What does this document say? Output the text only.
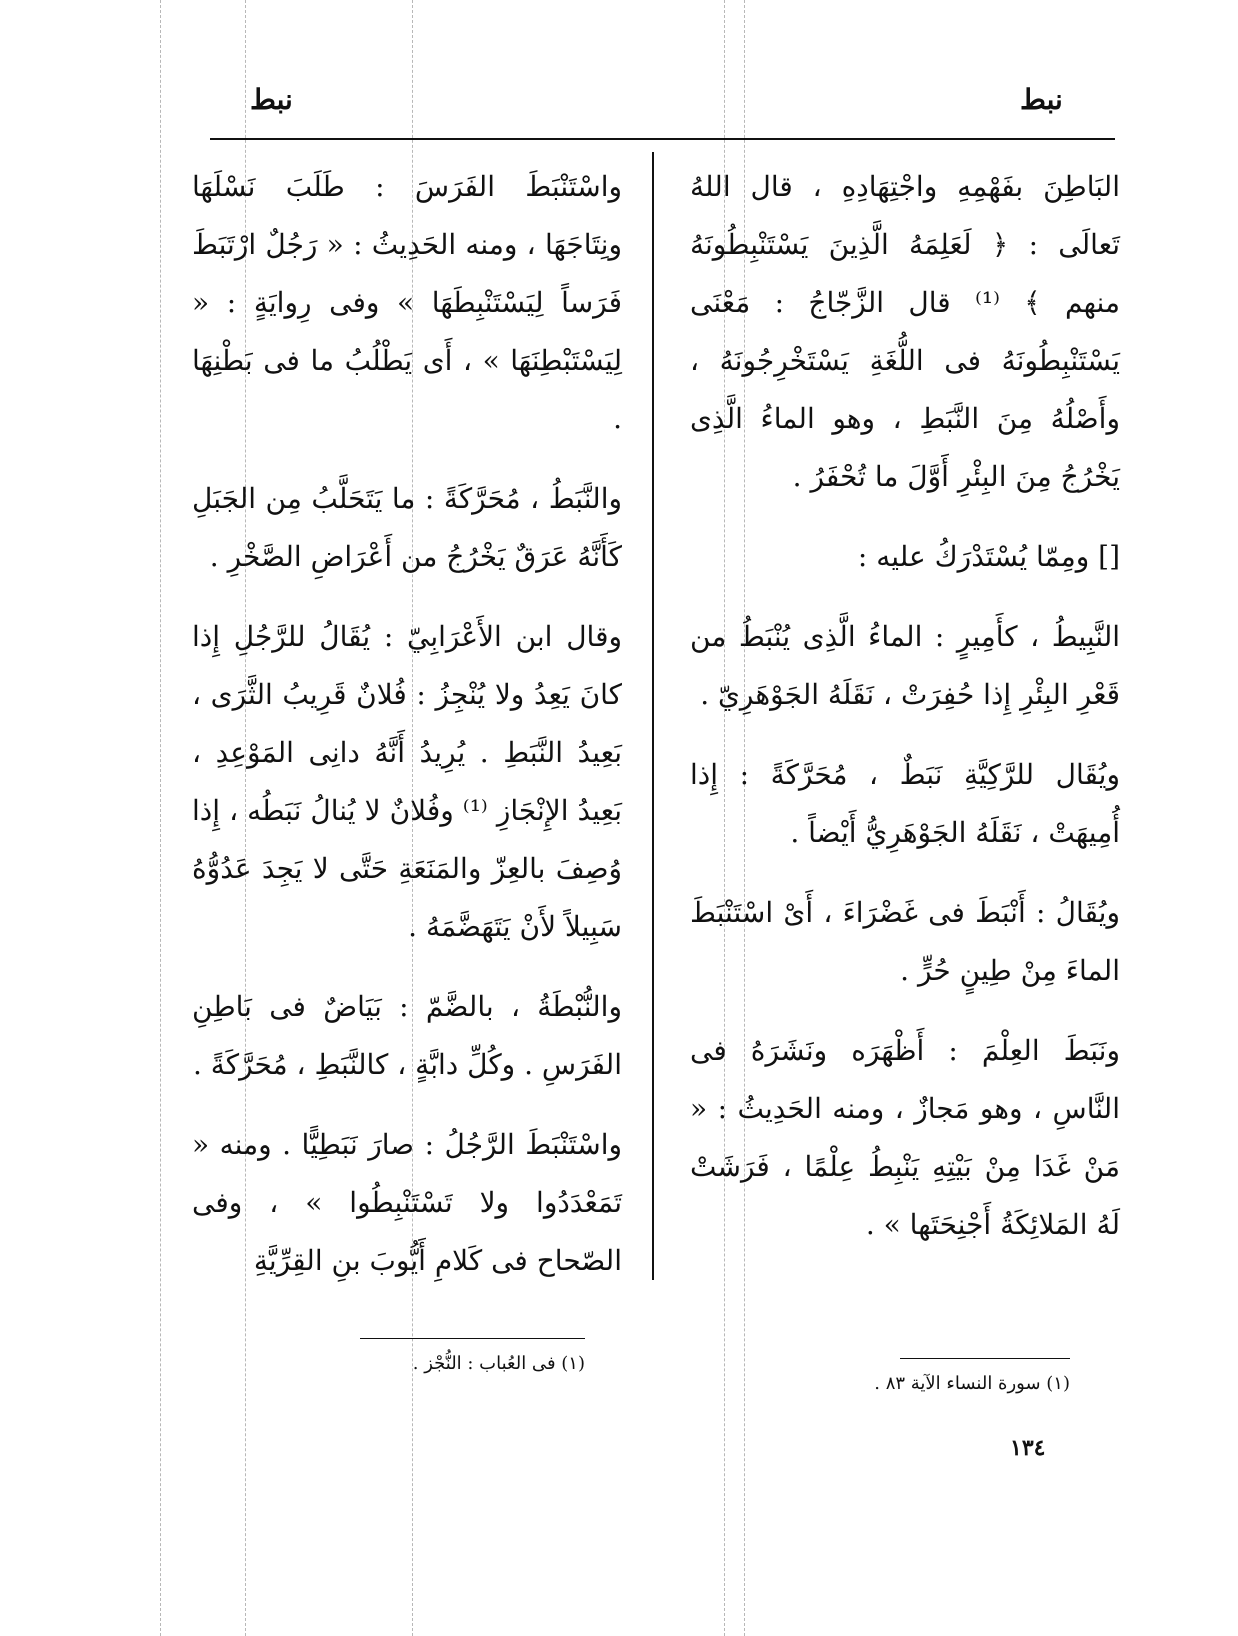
نبط
نبط

البَاطِنَ بفَهْمِهِ واجْتِهَادِهِ ، قال اللهُ تَعالَى : ﴿ لَعَلِمَهُ الَّذِينَ يَسْتَنْبِطُونَهُ منهم ﴾ ⁽¹⁾ قال الزَّجّاجُ : مَعْنَى يَسْتَنْبِطُونَهُ فى اللُّغَةِ يَسْتَخْرِجُونَهُ ، وأَصْلُهُ مِنَ النَّبَطِ ، وهو الماءُ الَّذِى يَخْرُجُ مِنَ البِئْرِ أَوَّلَ ما تُحْفَرُ .

[] ومِمّا يُسْتَدْرَكُ عليه :

النَّبِيطُ ، كأَمِيرٍ : الماءُ الَّذِى يُنْبَطُ من قَعْرِ البِئْرِ إِذا حُفِرَتْ ، نَقَلَهُ الجَوْهَرِيّ .

ويُقَال للرَّكِيَّةِ نَبَطٌ ، مُحَرَّكَةً : إِذا أُمِيهَتْ ، نَقَلَهُ الجَوْهَرِيُّ أَيْضاً .

ويُقَالُ : أَنْبَطَ فى غَضْرَاءَ ، أَىْ اسْتَنْبَطَ الماءَ مِنْ طِينٍ حُرٍّ .

ونَبَطَ العِلْمَ : أَظْهَرَه ونَشَرَهُ فى النَّاسِ ، وهو مَجازٌ ، ومنه الحَدِيثُ : « مَنْ غَدَا مِنْ بَيْتِهِ يَنْبِطُ عِلْمًا ، فَرَشَتْ لَهُ المَلائِكَةُ أَجْنِحَتَها » .

واسْتَنْبَطَ الفَرَسَ : طَلَبَ نَسْلَهَا ونِتَاجَهَا ، ومنه الحَدِيثُ : « رَجُلٌ ارْتَبَطَ فَرَساً لِيَسْتَنْبِطَهَا » وفى رِوايَةٍ : « لِيَسْتَبْطِنَهَا » ، أَى يَطْلُبُ ما فى بَطْنِهَا .

والنَّبَطُ ، مُحَرَّكَةً : ما يَتَحَلَّبُ مِن الجَبَلِ كَأَنَّهُ عَرَقٌ يَخْرُجُ من أَعْرَاضِ الصَّخْرِ .

وقال ابن الأَعْرَابِيّ : يُقَالُ للرَّجُلِ إِذا كانَ يَعِدُ ولا يُنْجِزُ : فُلانٌ قَرِيبُ الثَّرَى ، بَعِيدُ النَّبَطِ . يُرِيدُ أَنَّهُ دانِى المَوْعِدِ ، بَعِيدُ الإِنْجَازِ ⁽¹⁾ وفُلانٌ لا يُنالُ نَبَطُه ، إِذا وُصِفَ بالعِزّ والمَنَعَةِ حَتَّى لا يَجِدَ عَدُوُّهُ سَبِيلاً لأَنْ يَتَهَضَّمَهُ .

والنُّبْطَةُ ، بالضَّمّ : بَيَاضٌ فى بَاطِنِ الفَرَسِ . وكُلِّ دابَّةٍ ، كالنَّبَطِ ، مُحَرَّكَةً .

واسْتَنْبَطَ الرَّجُلُ : صارَ نَبَطِيًّا . ومنه « تَمَعْدَدُوا ولا تَسْتَنْبِطُوا » ، وفى الصّحاح فى كَلامِ أَيُّوبَ بنِ القِرِّيَّةِ

(١) سورة النساء الآية ٨٣ .
(١) فى العُباب : النُّجْز .
١٣٤
